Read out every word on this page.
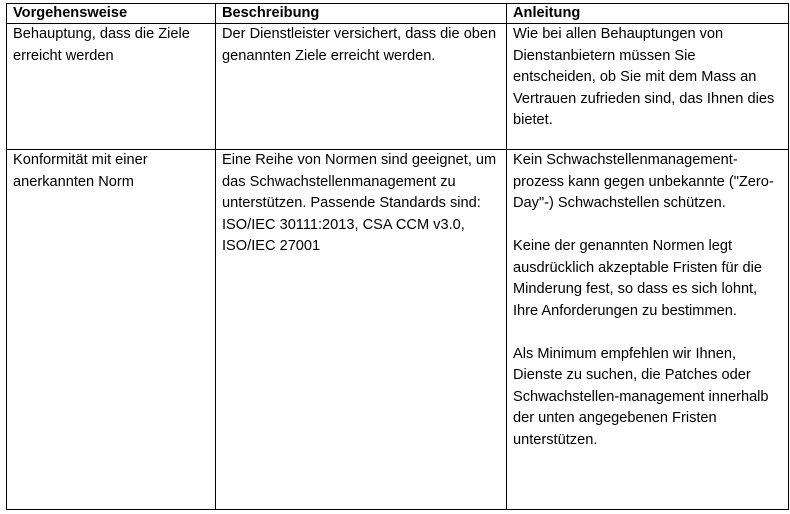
Vorgehensweise	Beschreibung	Anleitung

Behauptung, dass die Ziele erreicht werden	Der Dienstleister versichert, dass die oben genannten Ziele erreicht werden.	Wie bei allen Behauptungen von Dienstanbietern müssen Sie entscheiden, ob Sie mit dem Mass an Vertrauen zufrieden sind, das Ihnen dies bietet.

Konformität mit einer anerkannten Norm	Eine Reihe von Normen sind geeignet, um das Schwachstellenmanagement zu unterstützen. Passende Standards sind: ISO/IEC 30111:2013, CSA CCM v3.0, ISO/IEC 27001	Kein Schwachstellenmanagement-prozess kann gegen unbekannte ("Zero-Day"-) Schwachstellen schützen.
Keine der genannten Normen legt ausdrücklich akzeptable Fristen für die Minderung fest, so dass es sich lohnt, Ihre Anforderungen zu bestimmen.
Als Minimum empfehlen wir Ihnen, Dienste zu suchen, die Patches oder Schwachstellen-management innerhalb der unten angegebenen Fristen unterstützen.
